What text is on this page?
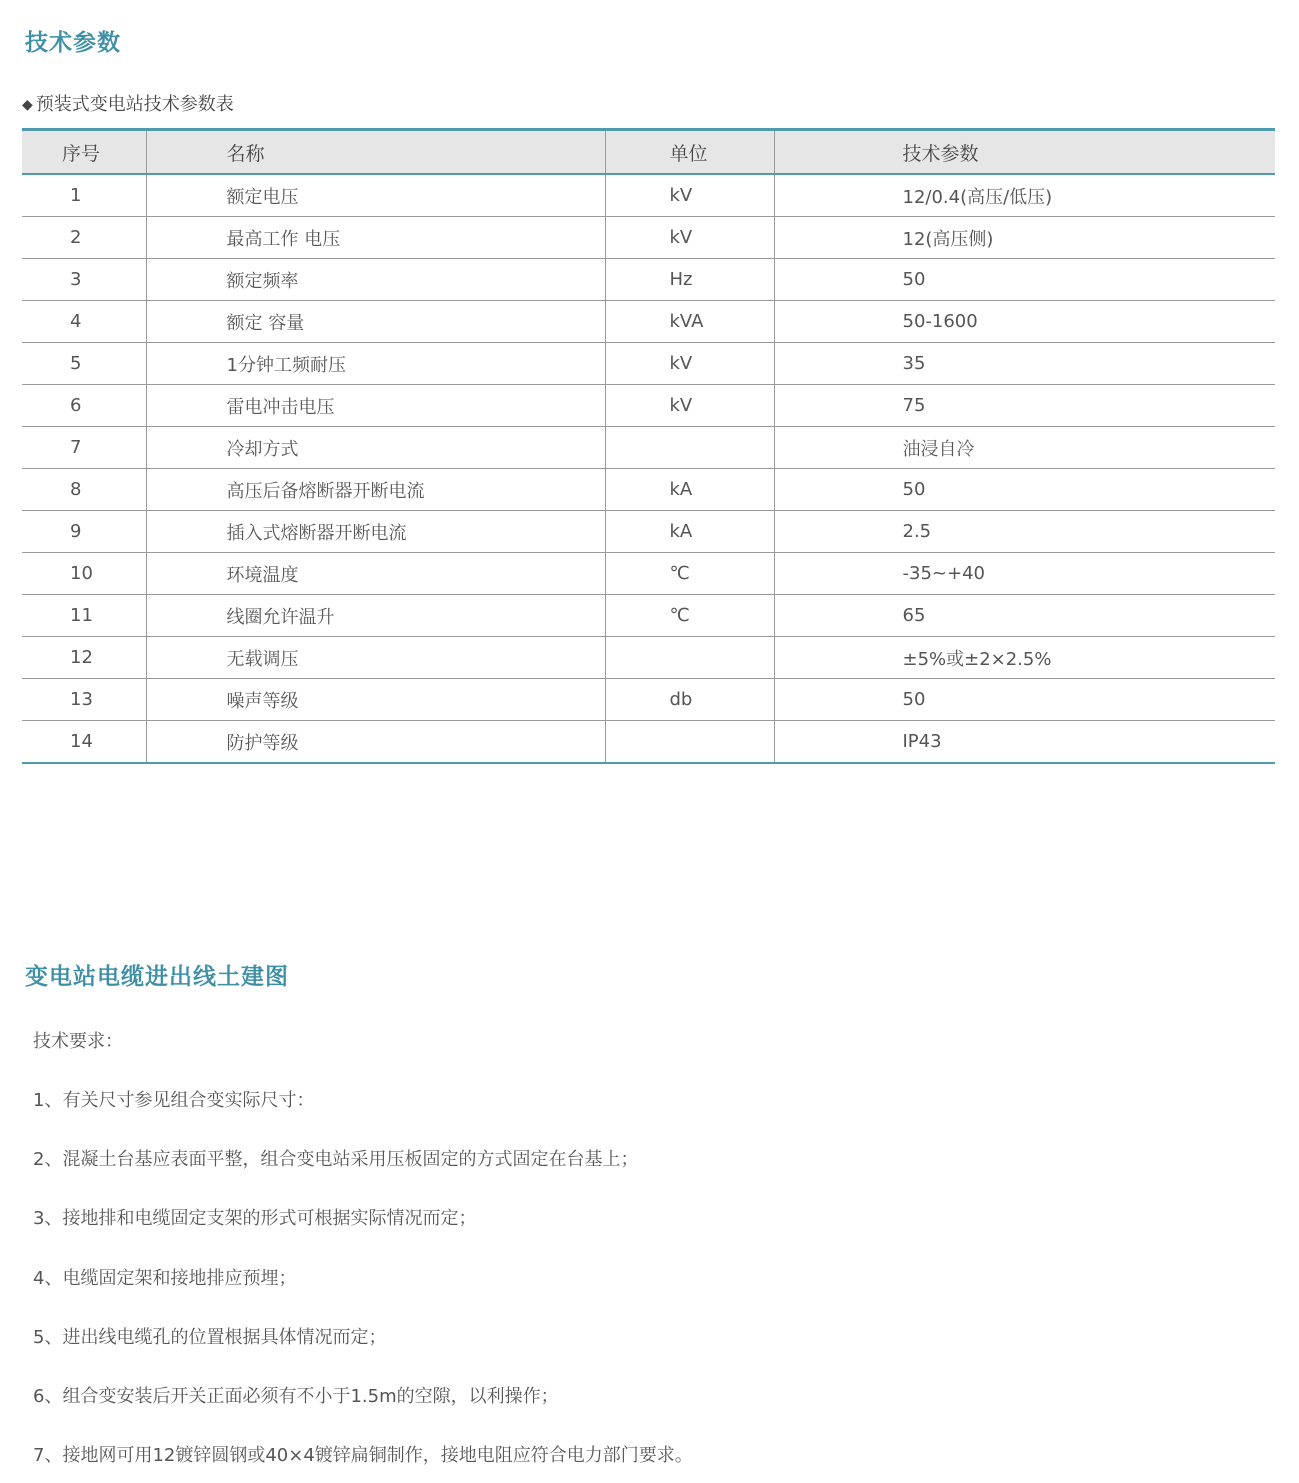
技术参数
◆ 预装式变电站技术参数表
序号	名称	单位	技术参数
1	额定电压	kV	12/0.4(高压/低压)
2	最高工作 电压	kV	12(高压侧)
3	额定频率	Hz	50
4	额定 容量	kVA	50-1600
5	1分钟工频耐压	kV	35
6	雷电冲击电压	kV	75
7	冷却方式		油浸自冷
8	高压后备熔断器开断电流	kA	50
9	插入式熔断器开断电流	kA	2.5
10	环境温度	℃	-35~+40
11	线圈允许温升	℃	65
12	无载调压		±5%或±2×2.5%
13	噪声等级	db	50
14	防护等级		IP43
变电站电缆进出线土建图
技术要求：
1、有关尺寸参见组合变实际尺寸：
2、混凝土台基应表面平整，组合变电站采用压板固定的方式固定在台基上；
3、接地排和电缆固定支架的形式可根据实际情况而定；
4、电缆固定架和接地排应预埋；
5、进出线电缆孔的位置根据具体情况而定；
6、组合变安装后开关正面必须有不小于1.5m的空隙，以利操作；
7、接地网可用12镀锌圆钢或40×4镀锌扁铜制作，接地电阻应符合电力部门要求。
